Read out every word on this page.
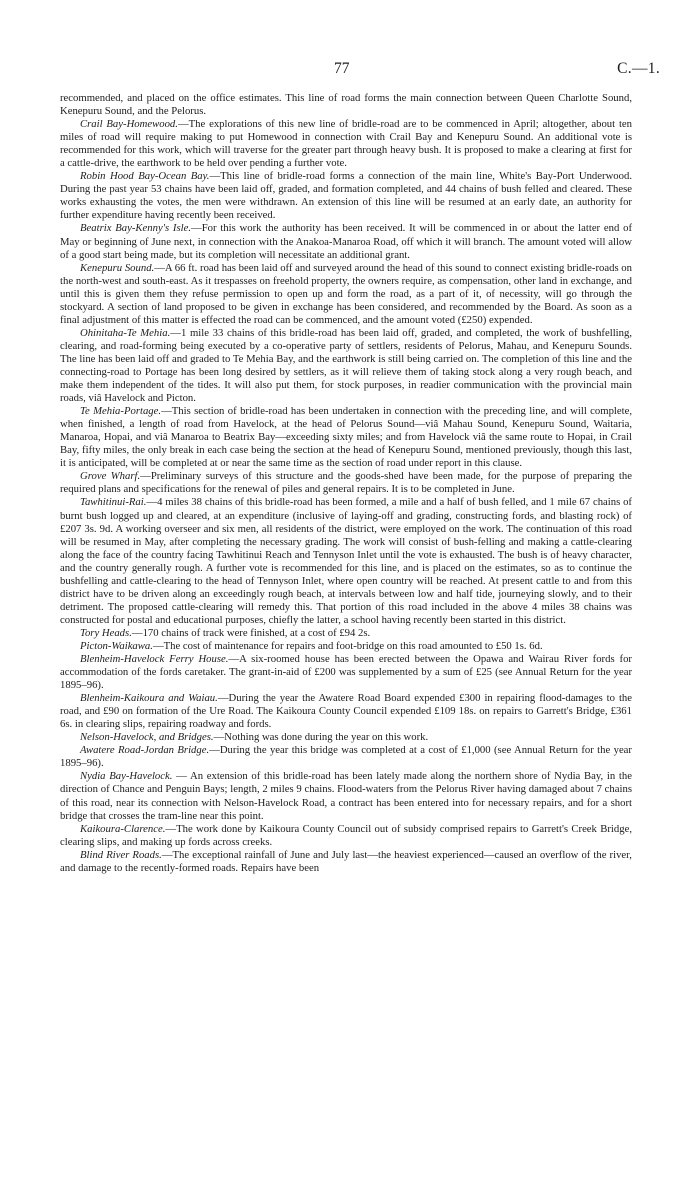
77	C.—1.

recommended, and placed on the office estimates. This line of road forms the main connection between Queen Charlotte Sound, Kenepuru Sound, and the Pelorus.

Crail Bay-Homewood.—The explorations of this new line of bridle-road are to be commenced in April; altogether, about ten miles of road will require making to put Homewood in connection with Crail Bay and Kenepuru Sound. An additional vote is recommended for this work, which will traverse for the greater part through heavy bush. It is proposed to make a clearing at first for a cattle-drive, the earthwork to be held over pending a further vote.

Robin Hood Bay-Ocean Bay.—This line of bridle-road forms a connection of the main line, White's Bay-Port Underwood. During the past year 53 chains have been laid off, graded, and formation completed, and 44 chains of bush felled and cleared. These works exhausting the votes, the men were withdrawn. An extension of this line will be resumed at an early date, an authority for further expenditure having recently been received.

Beatrix Bay-Kenny's Isle.—For this work the authority has been received. It will be commenced in or about the latter end of May or beginning of June next, in connection with the Anakoa-Manaroa Road, off which it will branch. The amount voted will allow of a good start being made, but its completion will necessitate an additional grant.

Kenepuru Sound.—A 66 ft. road has been laid off and surveyed around the head of this sound to connect existing bridle-roads on the north-west and south-east. As it trespasses on freehold property, the owners require, as compensation, other land in exchange, and until this is given them they refuse permission to open up and form the road, as a part of it, of necessity, will go through the stockyard. A section of land proposed to be given in exchange has been considered, and recommended by the Board. As soon as a final adjustment of this matter is effected the road can be commenced, and the amount voted (£250) expended.

Ohinitaha-Te Mehia.—1 mile 33 chains of this bridle-road has been laid off, graded, and completed, the work of bushfelling, clearing, and road-forming being executed by a co-operative party of settlers, residents of Pelorus, Mahau, and Kenepuru Sounds. The line has been laid off and graded to Te Mehia Bay, and the earthwork is still being carried on. The completion of this line and the connecting-road to Portage has been long desired by settlers, as it will relieve them of taking stock along a very rough beach, and make them independent of the tides. It will also put them, for stock purposes, in readier communication with the provincial main roads, viâ Havelock and Picton.

Te Mehia-Portage.—This section of bridle-road has been undertaken in connection with the preceding line, and will complete, when finished, a length of road from Havelock, at the head of Pelorus Sound—viâ Mahau Sound, Kenepuru Sound, Waitaria, Manaroa, Hopai, and viâ Manaroa to Beatrix Bay—exceeding sixty miles; and from Havelock viâ the same route to Hopai, in Crail Bay, fifty miles, the only break in each case being the section at the head of Kenepuru Sound, mentioned previously, though this last, it is anticipated, will be completed at or near the same time as the section of road under report in this clause.

Grove Wharf.—Preliminary surveys of this structure and the goods-shed have been made, for the purpose of preparing the required plans and specifications for the renewal of piles and general repairs. It is to be completed in June.

Tawhitinui-Rai.—4 miles 38 chains of this bridle-road has been formed, a mile and a half of bush felled, and 1 mile 67 chains of burnt bush logged up and cleared, at an expenditure (inclusive of laying-off and grading, constructing fords, and blasting rock) of £207 3s. 9d. A working overseer and six men, all residents of the district, were employed on the work. The continuation of this road will be resumed in May, after completing the necessary grading. The work will consist of bush-felling and making a cattle-clearing along the face of the country facing Tawhitinui Reach and Tennyson Inlet until the vote is exhausted. The bush is of heavy character, and the country generally rough. A further vote is recommended for this line, and is placed on the estimates, so as to continue the bushfelling and cattle-clearing to the head of Tennyson Inlet, where open country will be reached. At present cattle to and from this district have to be driven along an exceedingly rough beach, at intervals between low and half tide, journeying slowly, and to their detriment. The proposed cattle-clearing will remedy this. That portion of this road included in the above 4 miles 38 chains was constructed for postal and educational purposes, chiefly the latter, a school having recently been started in this district.

Tory Heads.—170 chains of track were finished, at a cost of £94 2s.

Picton-Waikawa.—The cost of maintenance for repairs and foot-bridge on this road amounted to £50 1s. 6d.

Blenheim-Havelock Ferry House.—A six-roomed house has been erected between the Opawa and Wairau River fords for accommodation of the fords caretaker. The grant-in-aid of £200 was supplemented by a sum of £25 (see Annual Return for the year 1895–96).

Blenheim-Kaikoura and Waiau.—During the year the Awatere Road Board expended £300 in repairing flood-damages to the road, and £90 on formation of the Ure Road. The Kaikoura County Council expended £109 18s. on repairs to Garrett's Bridge, £361 6s. in clearing slips, repairing roadway and fords.

Nelson-Havelock, and Bridges.—Nothing was done during the year on this work.

Awatere Road-Jordan Bridge.—During the year this bridge was completed at a cost of £1,000 (see Annual Return for the year 1895–96).

Nydia Bay-Havelock. — An extension of this bridle-road has been lately made along the northern shore of Nydia Bay, in the direction of Chance and Penguin Bays; length, 2 miles 9 chains. Flood-waters from the Pelorus River having damaged about 7 chains of this road, near its connection with Nelson-Havelock Road, a contract has been entered into for necessary repairs, and for a short bridge that crosses the tram-line near this point.

Kaikoura-Clarence.—The work done by Kaikoura County Council out of subsidy comprised repairs to Garrett's Creek Bridge, clearing slips, and making up fords across creeks.

Blind River Roads.—The exceptional rainfall of June and July last—the heaviest experienced—caused an overflow of the river, and damage to the recently-formed roads. Repairs have been
